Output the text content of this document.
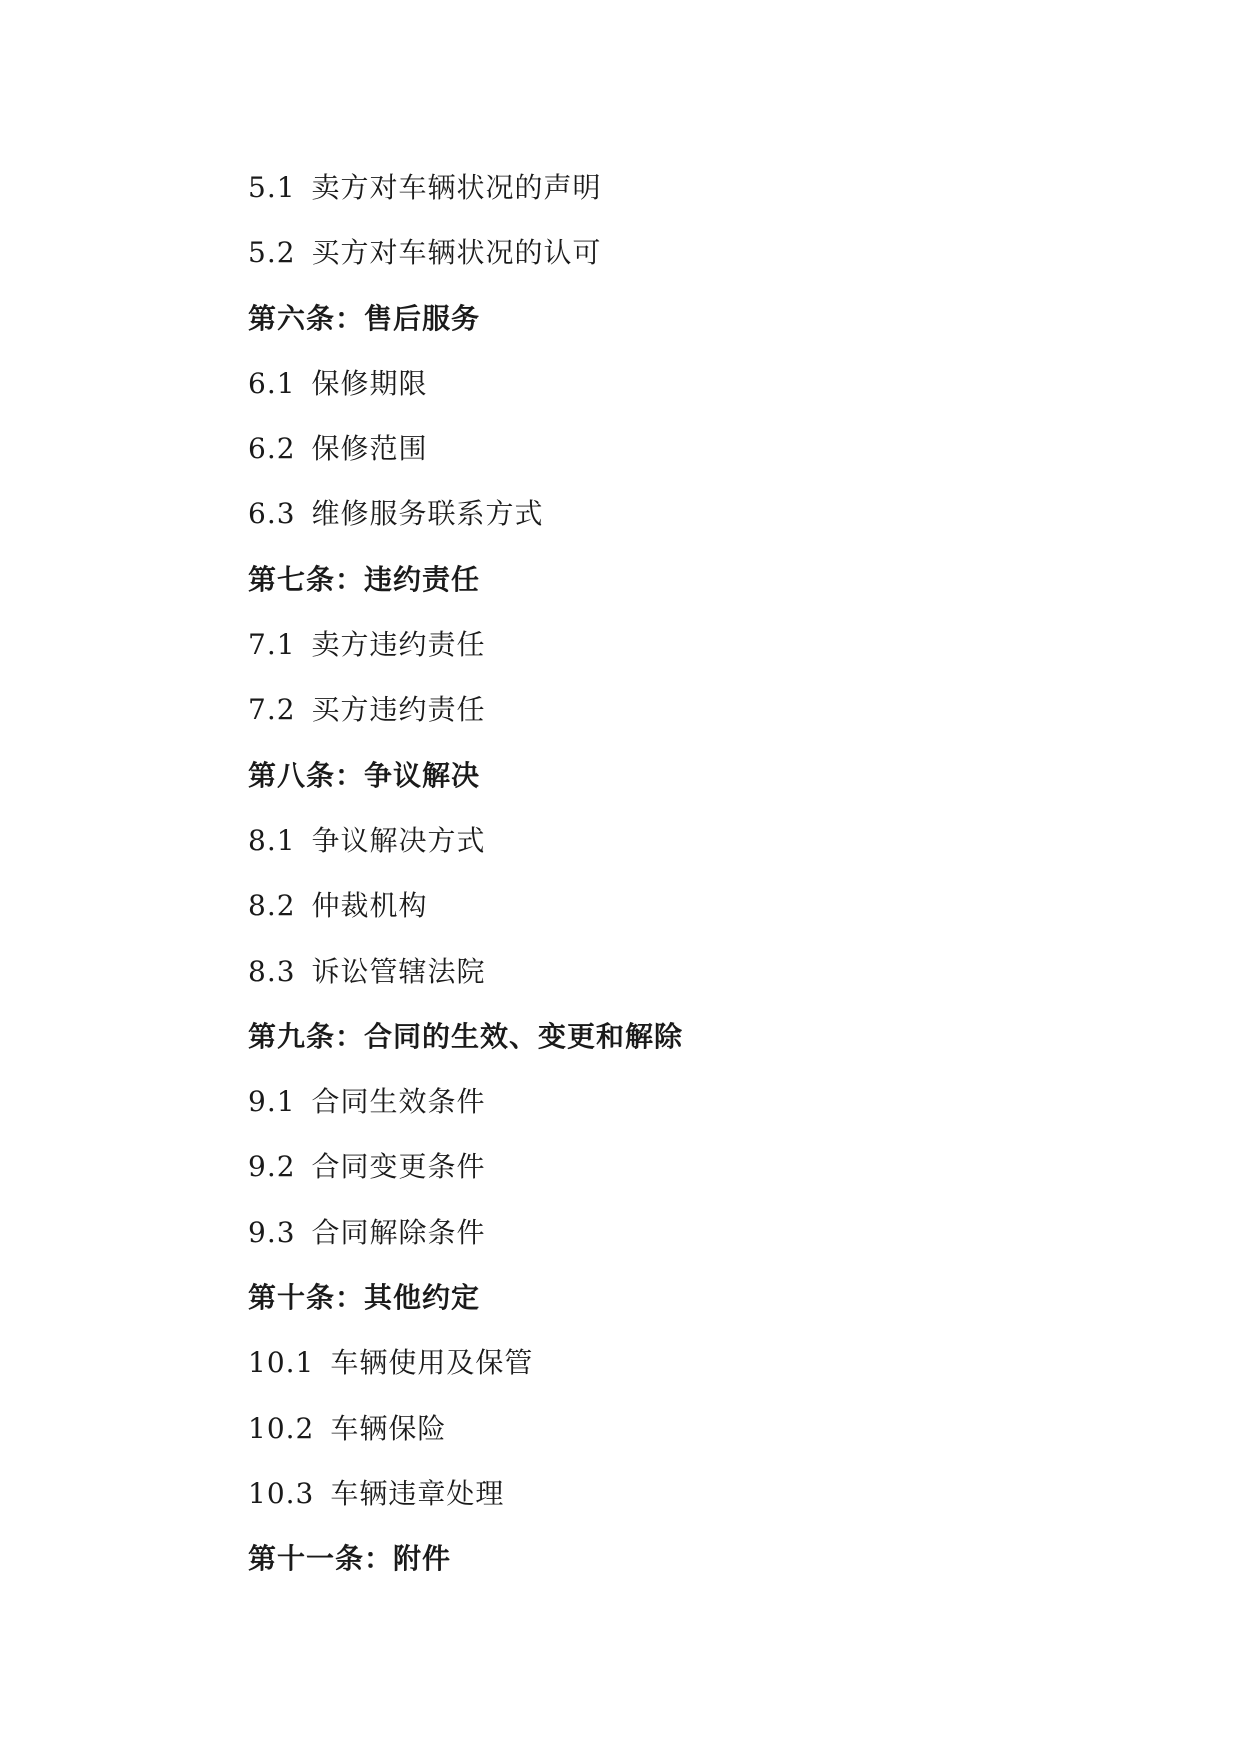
5.1 卖方对车辆状况的声明
5.2 买方对车辆状况的认可
第六条：售后服务
6.1 保修期限
6.2 保修范围
6.3 维修服务联系方式
第七条：违约责任
7.1 卖方违约责任
7.2 买方违约责任
第八条：争议解决
8.1 争议解决方式
8.2 仲裁机构
8.3 诉讼管辖法院
第九条：合同的生效、变更和解除
9.1 合同生效条件
9.2 合同变更条件
9.3 合同解除条件
第十条：其他约定
10.1 车辆使用及保管
10.2 车辆保险
10.3 车辆违章处理
第十一条：附件
